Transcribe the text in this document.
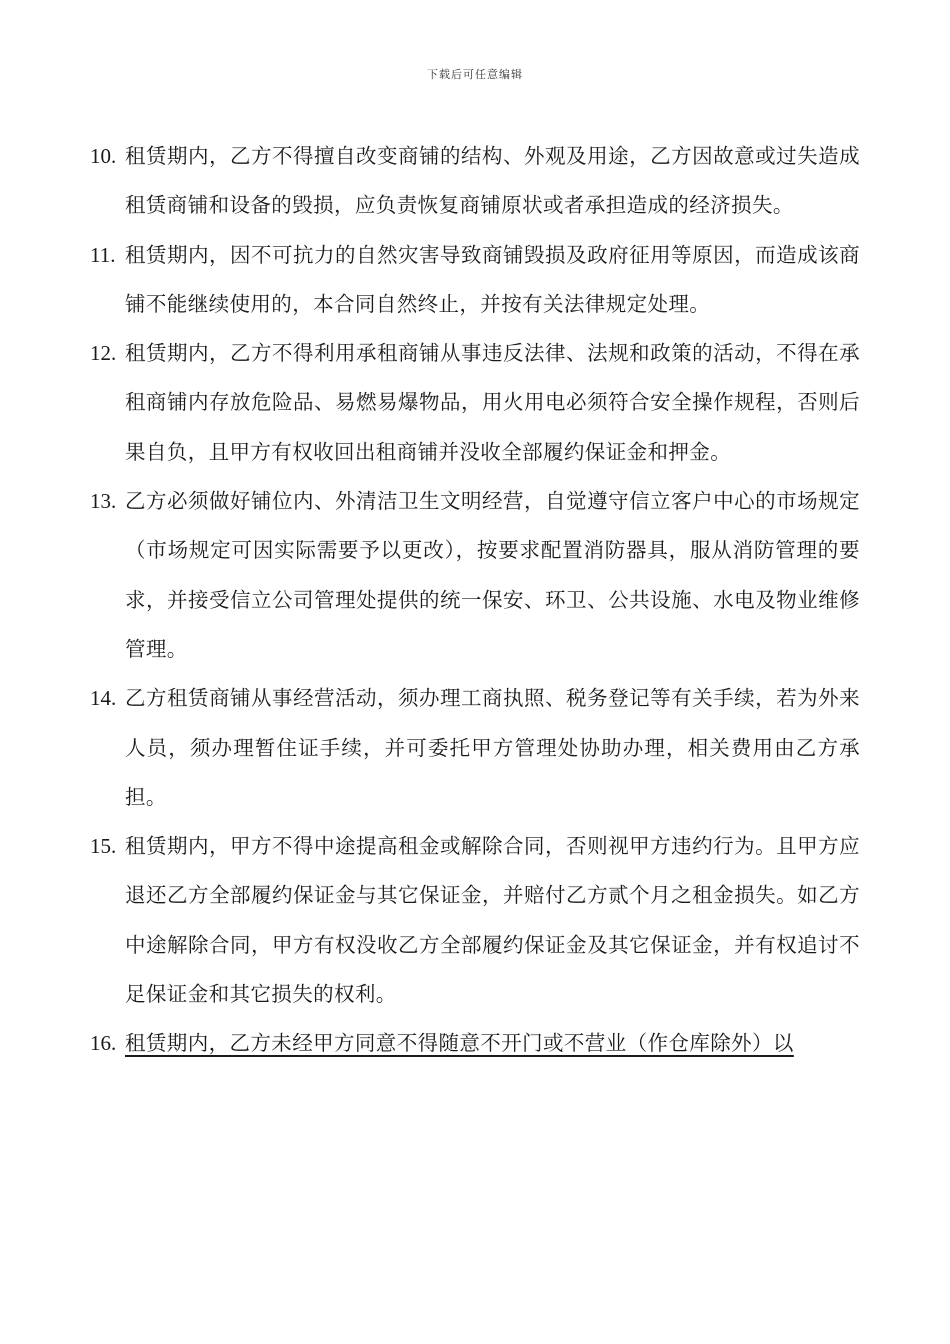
下载后可任意编辑
10. 租赁期内，乙方不得擅自改变商铺的结构、外观及用途，乙方因故意或过失造成租赁商铺和设备的毁损，应负责恢复商铺原状或者承担造成的经济损失。
11. 租赁期内，因不可抗力的自然灾害导致商铺毁损及政府征用等原因，而造成该商铺不能继续使用的，本合同自然终止，并按有关法律规定处理。
12. 租赁期内，乙方不得利用承租商铺从事违反法律、法规和政策的活动，不得在承租商铺内存放危险品、易燃易爆物品，用火用电必须符合安全操作规程，否则后果自负，且甲方有权收回出租商铺并没收全部履约保证金和押金。
13. 乙方必须做好铺位内、外清洁卫生文明经营，自觉遵守信立客户中心的市场规定（市场规定可因实际需要予以更改），按要求配置消防器具，服从消防管理的要求，并接受信立公司管理处提供的统一保安、环卫、公共设施、水电及物业维修管理。
14. 乙方租赁商铺从事经营活动，须办理工商执照、税务登记等有关手续，若为外来人员，须办理暂住证手续，并可委托甲方管理处协助办理，相关费用由乙方承担。
15. 租赁期内，甲方不得中途提高租金或解除合同，否则视甲方违约行为。且甲方应退还乙方全部履约保证金与其它保证金，并赔付乙方贰个月之租金损失。如乙方中途解除合同，甲方有权没收乙方全部履约保证金及其它保证金，并有权追讨不足保证金和其它损失的权利。
16. 租赁期内，乙方未经甲方同意不得随意不开门或不营业（作仓库除外）以
